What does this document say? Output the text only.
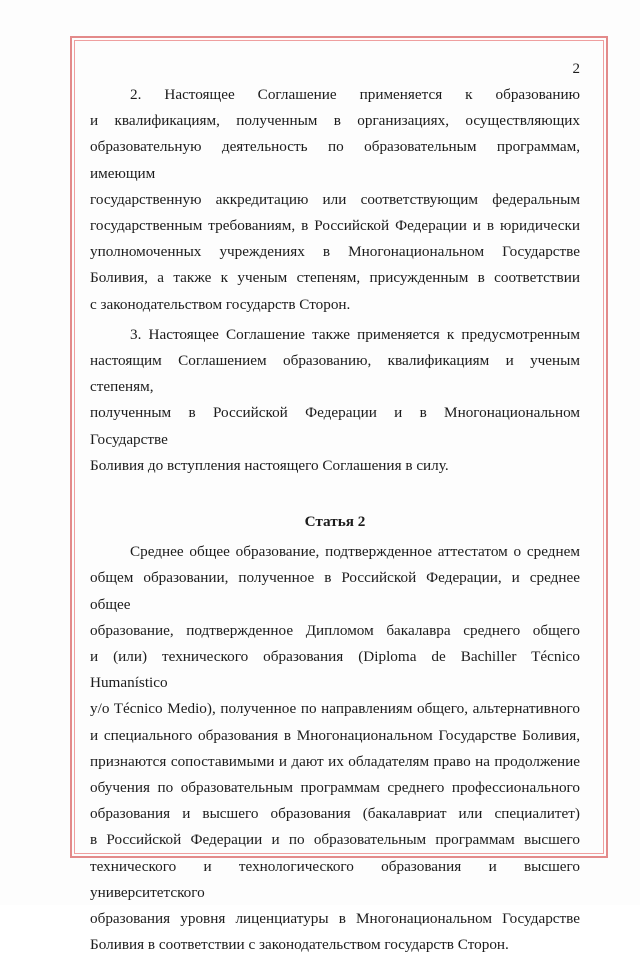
2

2. Настоящее Соглашение применяется к образованию
и квалификациям, полученным в организациях, осуществляющих
образовательную деятельность по образовательным программам, имеющим
государственную аккредитацию или соответствующим федеральным
государственным требованиям, в Российской Федерации и в юридически
уполномоченных учреждениях в Многонациональном Государстве
Боливия, а также к ученым степеням, присужденным в соответствии
с законодательством государств Сторон.

3. Настоящее Соглашение также применяется к предусмотренным
настоящим Соглашением образованию, квалификациям и ученым степеням,
полученным в Российской Федерации и в Многонациональном Государстве
Боливия до вступления настоящего Соглашения в силу.

Статья 2

Среднее общее образование, подтвержденное аттестатом о среднем
общем образовании, полученное в Российской Федерации, и среднее общее
образование, подтвержденное Дипломом бакалавра среднего общего
и (или) технического образования (Diploma de Bachiller Técnico Humanístico
y/o Técnico Medio), полученное по направлениям общего, альтернативного
и специального образования в Многонациональном Государстве Боливия,
признаются сопоставимыми и дают их обладателям право на продолжение
обучения по образовательным программам среднего профессионального
образования и высшего образования (бакалавриат или специалитет)
в Российской Федерации и по образовательным программам высшего
технического и технологического образования и высшего университетского
образования уровня лиценциатуры в Многонациональном Государстве
Боливия в соответствии с законодательством государств Сторон.
